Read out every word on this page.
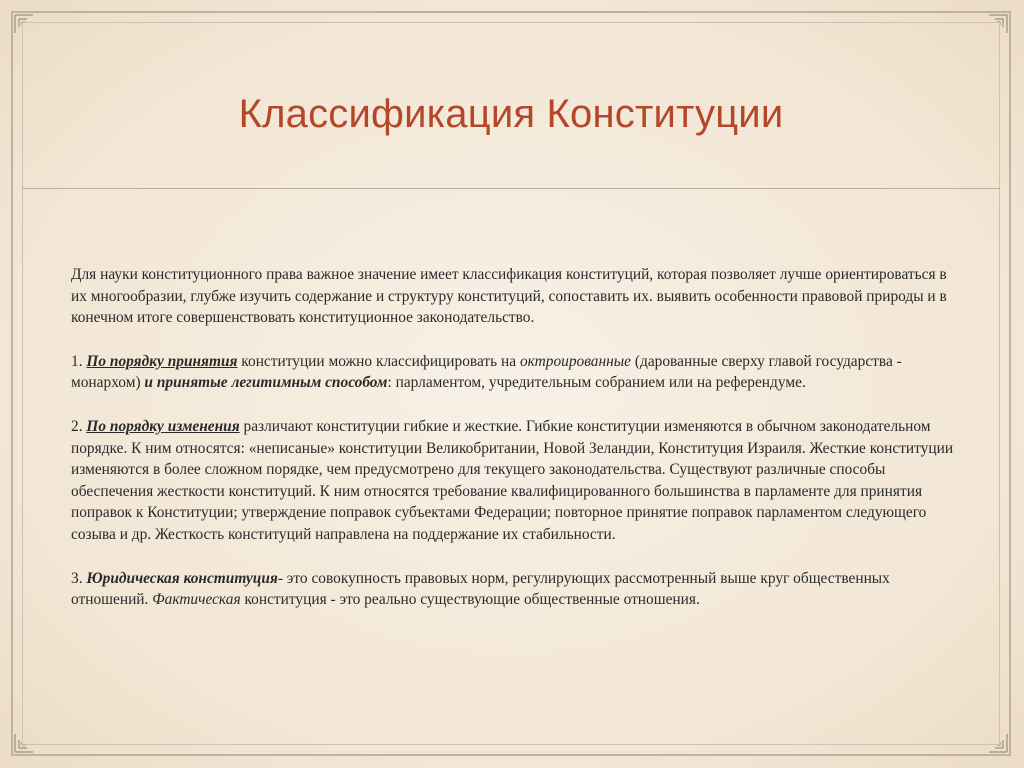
Классификация Конституции

Для науки конституционного права важное значение имеет классификация конституций, которая позволяет лучше ориентироваться в их многообразии, глубже изучить содержание и структуру конституций, сопоставить их. выявить особенности правовой природы и в конечном итоге совершенствовать конституционное законодательство.

1. По порядку принятия конституции можно классифицировать на октроированные (дарованные сверху главой государства - монархом) и принятые легитимным способом: парламентом, учредительным собранием или на референдуме.

2. По порядку изменения различают конституции гибкие и жесткие. Гибкие конституции изменяются в обычном законодательном порядке. К ним относятся: «неписаные» конституции Великобритании, Новой Зеландии, Конституция Израиля. Жесткие конституции изменяются в более сложном порядке, чем предусмотрено для текущего законодательства. Существуют различные способы обеспечения жесткости конституций. К ним относятся требование квалифицированного большинства в парламенте для принятия поправок к Конституции; утверждение поправок субъектами Федерации; повторное принятие поправок парламентом следующего созыва и др. Жесткость конституций направлена на поддержание их стабильности.

3. Юридическая конституция- это совокупность правовых норм, регулирующих рассмотренный выше круг общественных отношений. Фактическая конституция - это реально существующие общественные отношения.
